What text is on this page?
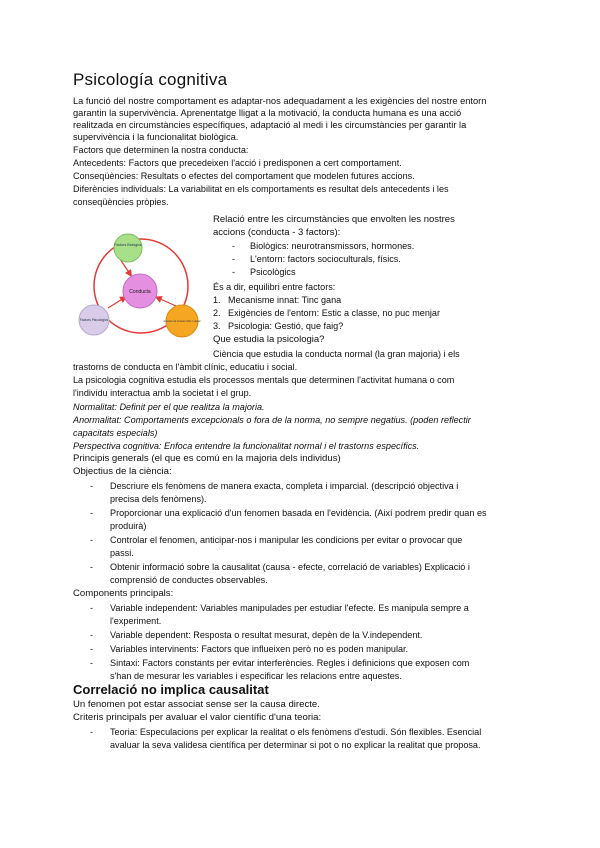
Psicología cognitiva
La funció del nostre comportament es adaptar-nos adequadament a les exigències del nostre entorn
garantin la supervivència. Aprenentatge lligat a la motivació, la conducta humana es una acció
realitzada en circumstàncies específiques, adaptació al medi i les circumstàncies per garantir la
supervivència i la funcionalitat biològica.
Factors que determinen la nostra conducta:
Antecedents: Factors que precedeixen l'acció i predisponen a cert comportament.
Conseqüències: Resultats o efectes del comportament que modelen futures accions.
Diferències individuals: La variabilitat en els comportaments es resultat dels antecedents i les
conseqüències pròpies.
Factors Biològics
Factors Psicològics	Factors de l'entorn físic i social
Conducta
Relació entre les circumstàncies que envolten les nostres
accions (conducta - 3 factors):
- Biològics: neurotransmissors, hormones.
- L'entorn: factors socioculturals, físics.
- Psicològics
És a dir, equilibri entre factors:
1. Mecanisme innat: Tinc gana
2. Exigències de l'entorn: Estic a classe, no puc menjar
3. Psicologia: Gestió, que faig?
Que estudia la psicologia?
Ciència que estudia la conducta normal (la gran majoria) i els
trastorns de conducta en l'àmbit clínic, educatiu i social.
La psicologia cognitiva estudia els processos mentals que determinen l'activitat humana o com
l'individu interactua amb la societat i el grup.
Normalitat: Definit per el que realitza la majoria.
Anormalitat: Comportaments excepcionals o fora de la norma, no sempre negatius. (poden reflectir
capacitats especials)
Perspectiva cognitiva: Enfoca entendre la funcionalitat normal i el trastorns específics.
Principis generals (el que es comú en la majoria dels individus)
Objectius de la ciència:
- Descriure els fenòmens de manera exacta, completa i imparcial. (descripció objectiva i
precisa dels fenòmens).
- Proporcionar una explicació d'un fenomen basada en l'evidència. (Així podrem predir quan es
produirà)
- Controlar el fenomen, anticipar-nos i manipular les condicions per evitar o provocar que
passi.
- Obtenir informació sobre la causalitat (causa - efecte, correlació de variables) Explicació i
comprensió de conductes observables.
Components principals:
- Variable independent: Variables manipulades per estudiar l'efecte. Es manipula sempre a
l'experiment.
- Variable dependent: Resposta o resultat mesurat, depèn de la V.independent.
- Variables intervinents: Factors que influeixen però no es poden manipular.
- Sintaxi: Factors constants per evitar interferències. Regles i definicions que exposen com
s'han de mesurar les variables i especificar les relacions entre aquestes.
Correlació no implica causalitat
Un fenomen pot estar associat sense ser la causa directe.
Criteris principals per avaluar el valor científic d'una teoria:
- Teoria: Especulacions per explicar la realitat o els fenòmens d'estudi. Són flexibles. Esencial
avaluar la seva validesa científica per determinar si pot o no explicar la realitat que proposa.
